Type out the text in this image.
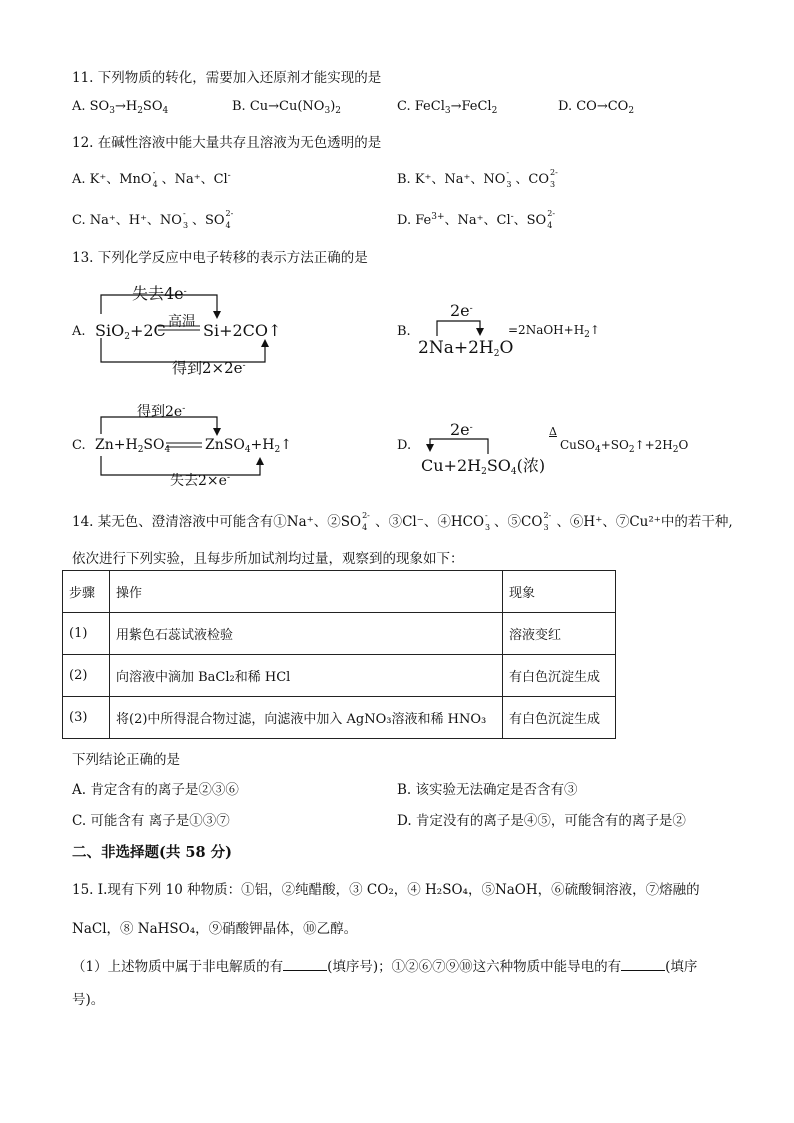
11. 下列物质的转化，需要加入还原剂才能实现的是
A. $SO_3\to H_2SO_4$	B. $Cu\to Cu(NO_3)_2$	C. FeCl$_3$→FeCl$_2$	D. $CO\to CO_2$
12. 在碱性溶液中能大量共存且溶液为无色透明的是
A. K⁺、MnO -
4 、Na⁺、Cl-	B. K⁺、Na⁺、NO -
3 、CO 2-
3
C. Na⁺、H⁺、NO -
3 、SO 2-
4	D. $Fe^{3+}$、Na⁺、Cl-、SO 2-
4
13. 下列化学反应中电子转移的表示方法正确的是
A.
失去4e-
高温
SiO$_2$+2C Si+2CO↑
得到2×2e-
B.
2e-
$2Na+2H_2O$
$=2NaOH+H_2↑$
C.
得到2e-
$Zn+H_2SO_4$ $ZnSO_4+H_2↑$
失去2×e-
D.
2e-
$Cu+2H_2SO_4$(浓)
Δ
$CuSO_4+SO_2↑+2H_2O$
14. 某无色、澄清溶液中可能含有①Na⁺、②SO 2-
4 、③Cl⁻、④HCO -
3 、⑤CO 2-
3 、⑥H⁺、⑦Cu²⁺中的若干种,
依次进行下列实验，且每步所加试剂均过量，观察到的现象如下：
步骤	操作	现象
(1)	用紫色石蕊试液检验	溶液变红
(2)	向溶液中滴加 BaCl₂和稀 HCl	有白色沉淀生成
(3)	将(2)中所得混合物过滤，向滤液中加入 AgNO₃溶液和稀 HNO₃	有白色沉淀生成
下列结论正确的是
A. 肯定含有的离子是②③⑥	B. 该实验无法确定是否含有③
C. 可能含有 离子是①③⑦	D. 肯定没有的离子是④⑤，可能含有的离子是②
二、非选择题(共 58 分)
15. Ⅰ.现有下列 10 种物质：①铝，②纯醋酸，③ CO₂，④ H₂SO₄，⑤NaOH，⑥硫酸铜溶液，⑦熔融的
NaCl，⑧ NaHSO₄，⑨硝酸钾晶体，⑩乙醇。
（1）上述物质中属于非电解质的有	(填序号)；①②⑥⑦⑨⑩这六种物质中能导电的有	(填序
号)。
